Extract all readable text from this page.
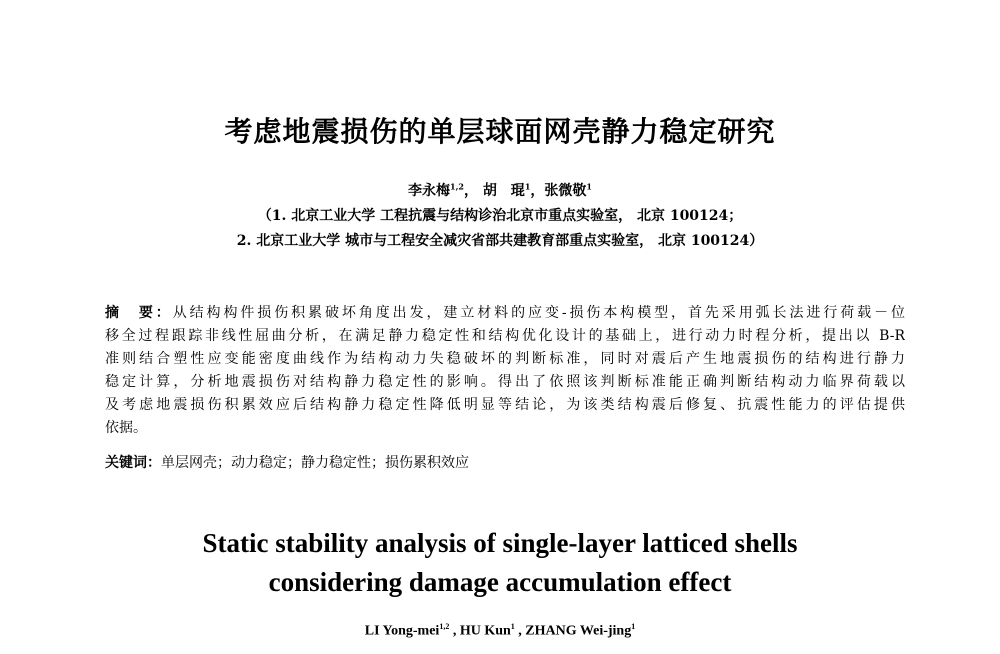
考虑地震损伤的单层球面网壳静力稳定研究
李永梅$^{1,2}$， 胡　琨$^1$，张微敬$^1$
（1. 北京工业大学 工程抗震与结构诊治北京市重点实验室， 北京 100124；
2. 北京工业大学 城市与工程安全减灾省部共建教育部重点实验室， 北京 100124）
摘　要：从结构构件损伤积累破坏角度出发，建立材料的应变-损伤本构模型，首先采用弧长法进行荷载－位
移全过程跟踪非线性屈曲分析，在满足静力稳定性和结构优化设计的基础上，进行动力时程分析，提出以 B-R
准则结合塑性应变能密度曲线作为结构动力失稳破坏的判断标准，同时对震后产生地震损伤的结构进行静力
稳定计算，分析地震损伤对结构静力稳定性的影响。得出了依照该判断标准能正确判断结构动力临界荷载以
及考虑地震损伤积累效应后结构静力稳定性降低明显等结论，为该类结构震后修复、抗震性能力的评估提供
依据。
关键词：单层网壳；动力稳定；静力稳定性；损伤累积效应
Static stability analysis of single-layer latticed shells
considering damage accumulation effect
LI Yong-mei$^{1,2}$ , HU Kun$^1$ , ZHANG Wei-jing$^1$
